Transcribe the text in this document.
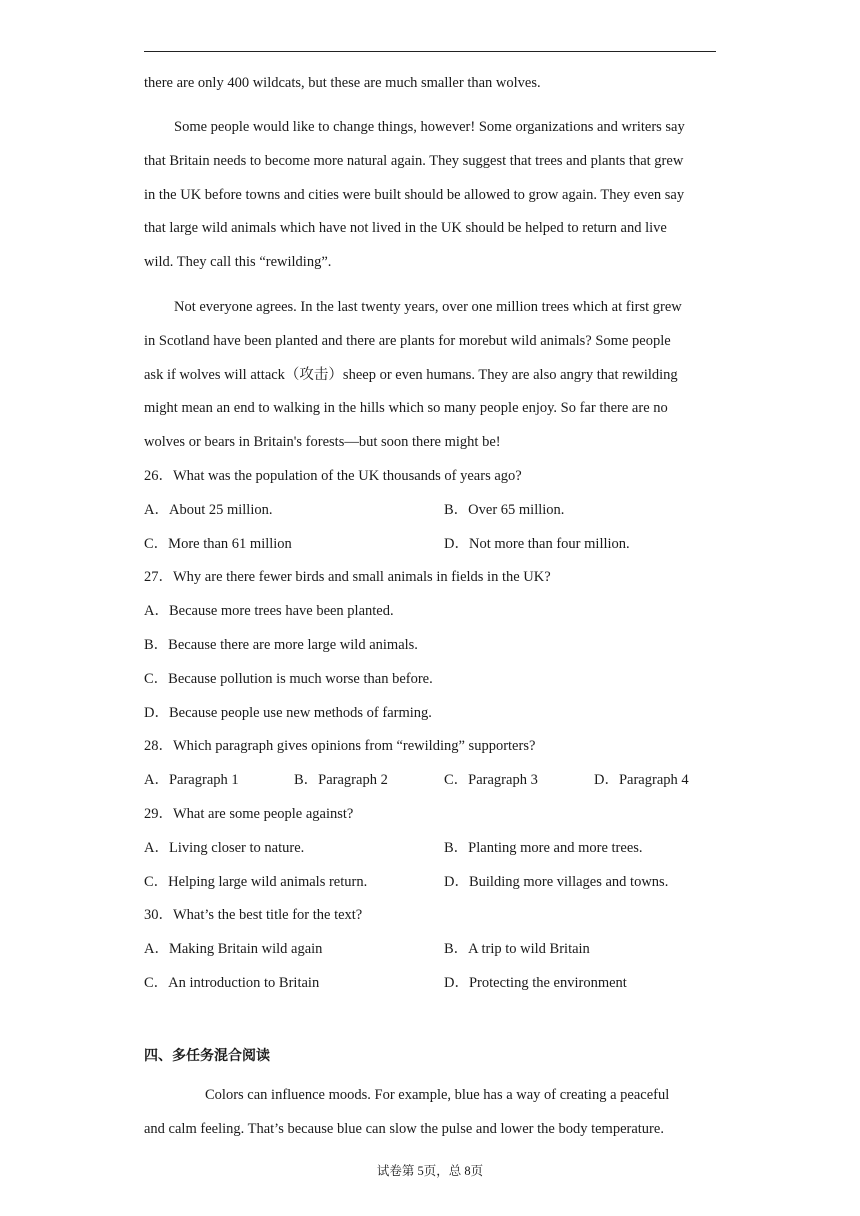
there are only 400 wildcats, but these are much smaller than wolves.
Some people would like to change things, however! Some organizations and writers say
that Britain needs to become more natural again. They suggest that trees and plants that grew
in the UK before towns and cities were built should be allowed to grow again. They even say
that large wild animals which have not lived in the UK should be helped to return and live
wild. They call this “rewilding”.
Not everyone agrees. In the last twenty years, over one million trees which at first grew
in Scotland have been planted and there are plants for morebut wild animals? Some people
ask if wolves will attack（攻击）sheep or even humans. They are also angry that rewilding
might mean an end to walking in the hills which so many people enjoy. So far there are no
wolves or bears in Britain's forests—but soon there might be!
26．What was the population of the UK thousands of years ago?
A．About 25 million.	B．Over 65 million.
C．More than 61 million	D．Not more than four million.
27．Why are there fewer birds and small animals in fields in the UK?
A．Because more trees have been planted.
B．Because there are more large wild animals.
C．Because pollution is much worse than before.
D．Because people use new methods of farming.
28．Which paragraph gives opinions from “rewilding” supporters?
A．Paragraph 1	B．Paragraph 2	C．Paragraph 3	D．Paragraph 4
29．What are some people against?
A．Living closer to nature.	B．Planting more and more trees.
C．Helping large wild animals return.	D．Building more villages and towns.
30．What’s the best title for the text?
A．Making Britain wild again	B．A trip to wild Britain
C．An introduction to Britain	D．Protecting the environment
四、多任务混合阅读
Colors can influence moods. For example, blue has a way of creating a peaceful
and calm feeling. That’s because blue can slow the pulse and lower the body temperature.
试卷第 5页，总 8页
